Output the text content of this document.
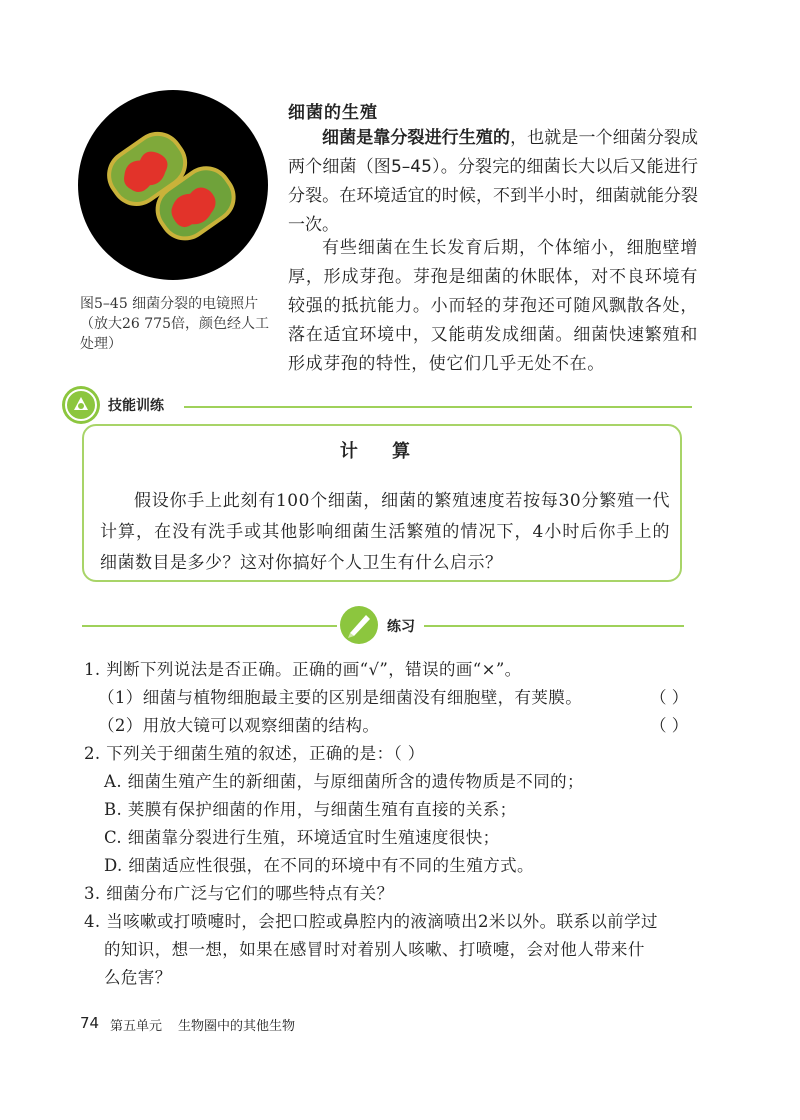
图5–45 细菌分裂的电镜照片
（放大26 775倍，颜色经人工
处理）
细菌的生殖

细菌是靠分裂进行生殖的，也就是一个细菌分裂成两个细菌（图5–45）。分裂完的细菌长大以后又能进行分裂。在环境适宜的时候，不到半小时，细菌就能分裂一次。

有些细菌在生长发育后期，个体缩小，细胞壁增厚，形成芽孢。芽孢是细菌的休眠体，对不良环境有较强的抵抗能力。小而轻的芽孢还可随风飘散各处，落在适宜环境中，又能萌发成细菌。细菌快速繁殖和形成芽孢的特性，使它们几乎无处不在。

技能训练
计 算

假设你手上此刻有100个细菌，细菌的繁殖速度若按每30分繁殖一代计算，在没有洗手或其他影响细菌生活繁殖的情况下，4小时后你手上的细菌数目是多少？这对你搞好个人卫生有什么启示？

练习

1. 判断下列说法是否正确。正确的画“√”，错误的画“×”。

（1）细菌与植物细胞最主要的区别是细菌没有细胞壁，有荚膜。	（ ）

（2）用放大镜可以观察细菌的结构。	（ ）

2. 下列关于细菌生殖的叙述，正确的是：（ ）

A. 细菌生殖产生的新细菌，与原细菌所含的遗传物质是不同的；

B. 荚膜有保护细菌的作用，与细菌生殖有直接的关系；

C. 细菌靠分裂进行生殖，环境适宜时生殖速度很快；

D. 细菌适应性很强，在不同的环境中有不同的生殖方式。

3. 细菌分布广泛与它们的哪些特点有关？

4. 当咳嗽或打喷嚏时，会把口腔或鼻腔内的液滴喷出2米以外。联系以前学过
的知识，想一想，如果在感冒时对着别人咳嗽、打喷嚏，会对他人带来什
么危害？

74 第五单元 生物圈中的其他生物
